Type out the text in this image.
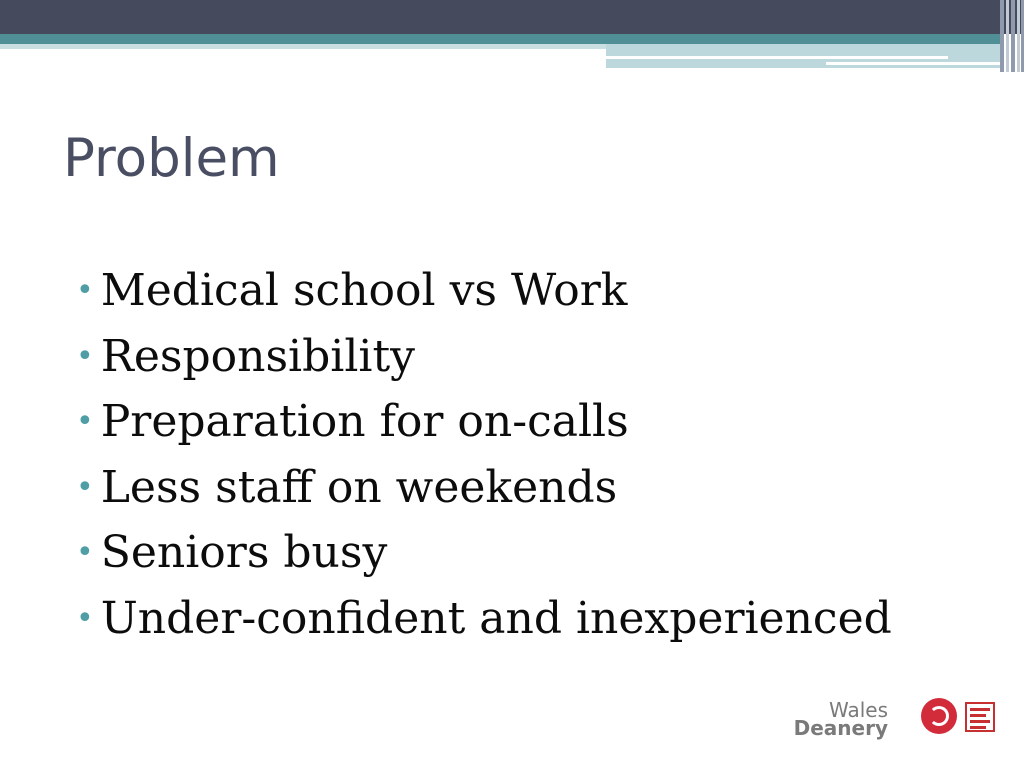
Problem
• Medical school vs Work
• Responsibility
• Preparation for on-calls
• Less staff on weekends
• Seniors busy
• Under-confident and inexperienced
Wales
Deanery
